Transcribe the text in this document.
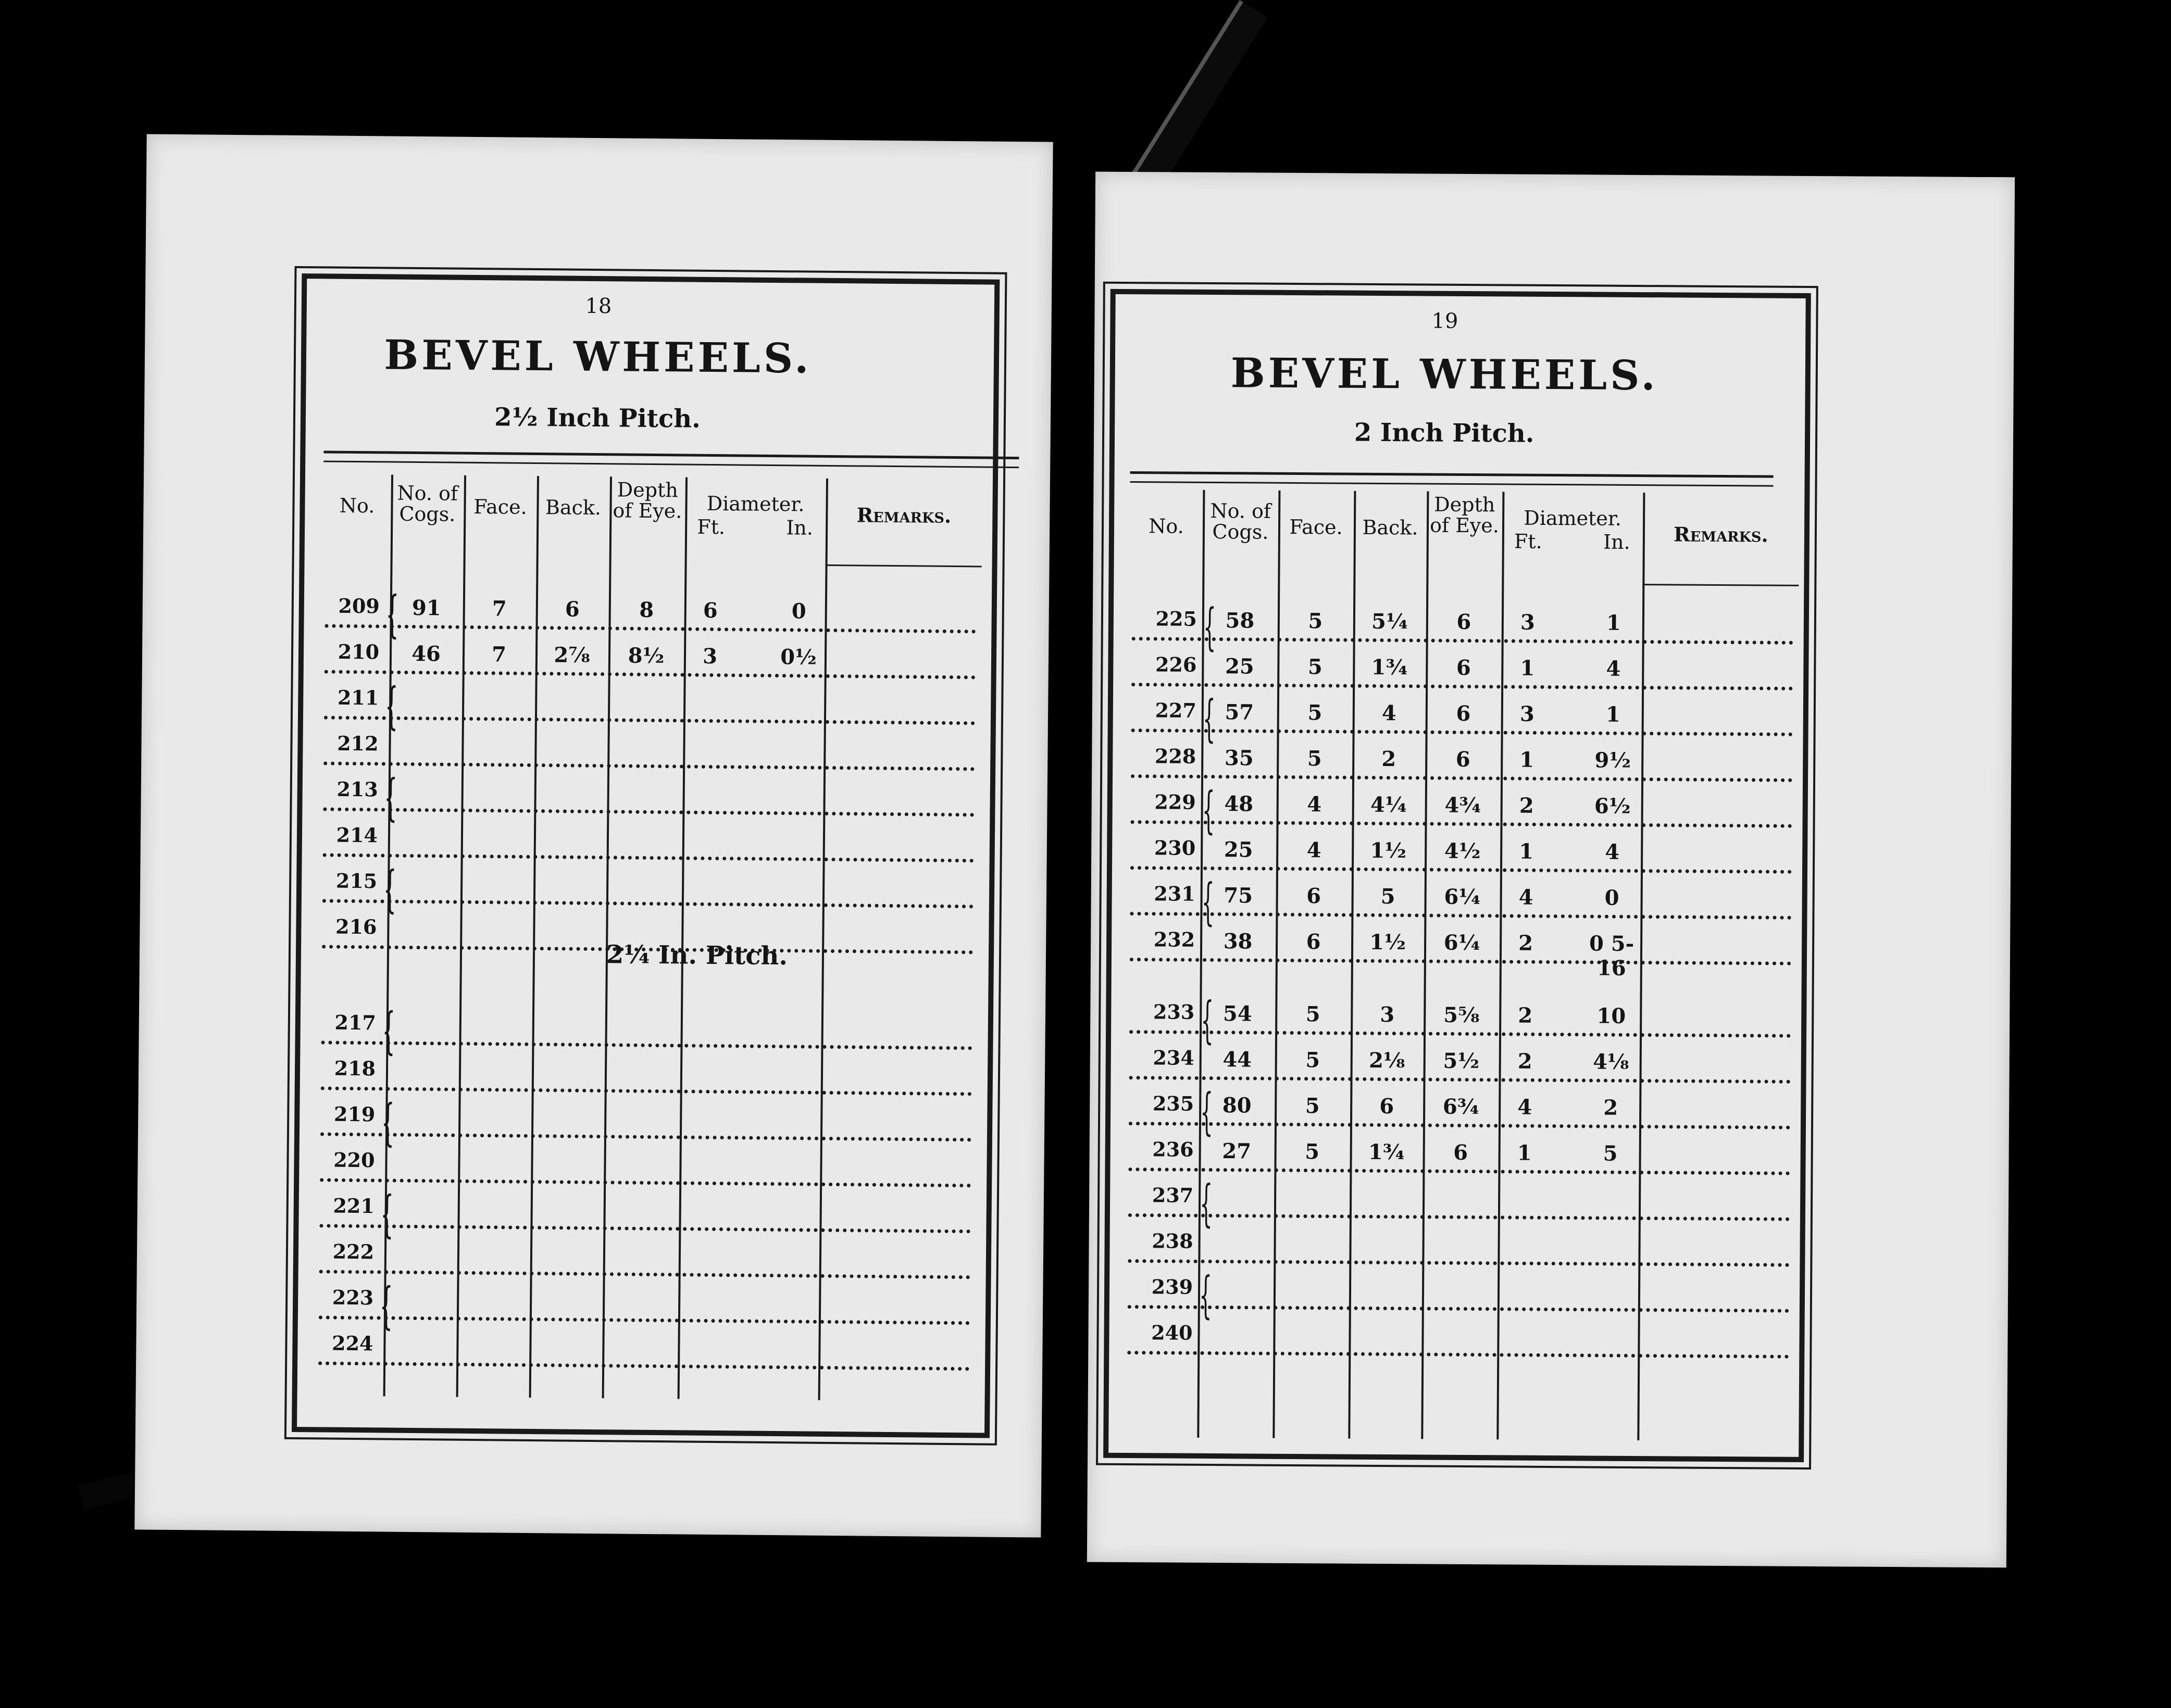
18
BEVEL WHEELS.
2½ Inch Pitch.
No.
No. of Cogs. Face. Back.
Depth of Eye.	Diameter.
Ft.	In.
Remarks.
2¼ In. Pitch.
209 { 91	7	6	8	6	0
210	46	7	2⅞	8½	3	0½
211 {
212
213 {
214
215 {
216
217 {
218
219 {
220
221 {
222
223 {
224
19
BEVEL WHEELS.
2 Inch Pitch.
No.
No. of Cogs.	Face. Back.
Depth of Eye.	Diameter.
Ft.	In.	Remarks.
225 { 58	5	5¼	6	3	1
226	25	5	1¾	6	1	4
227 { 57	5	4	6	3	1
228	35	5	2	6	1	9½
229 { 48	4	4¼	4¾	2	6½
230	25	4	1½	4½	1	4
231 { 75	6	5	6¼	4	0
232	38	6	1½	6¼	2	0 5-16
233 { 54	5	3	5⅝	2	10
234	44	5	2⅛	5½	2	4⅛
235 { 80	5	6	6¾	4	2
236	27	5	1¾	6	1	5
237 {
238
239 {
240
